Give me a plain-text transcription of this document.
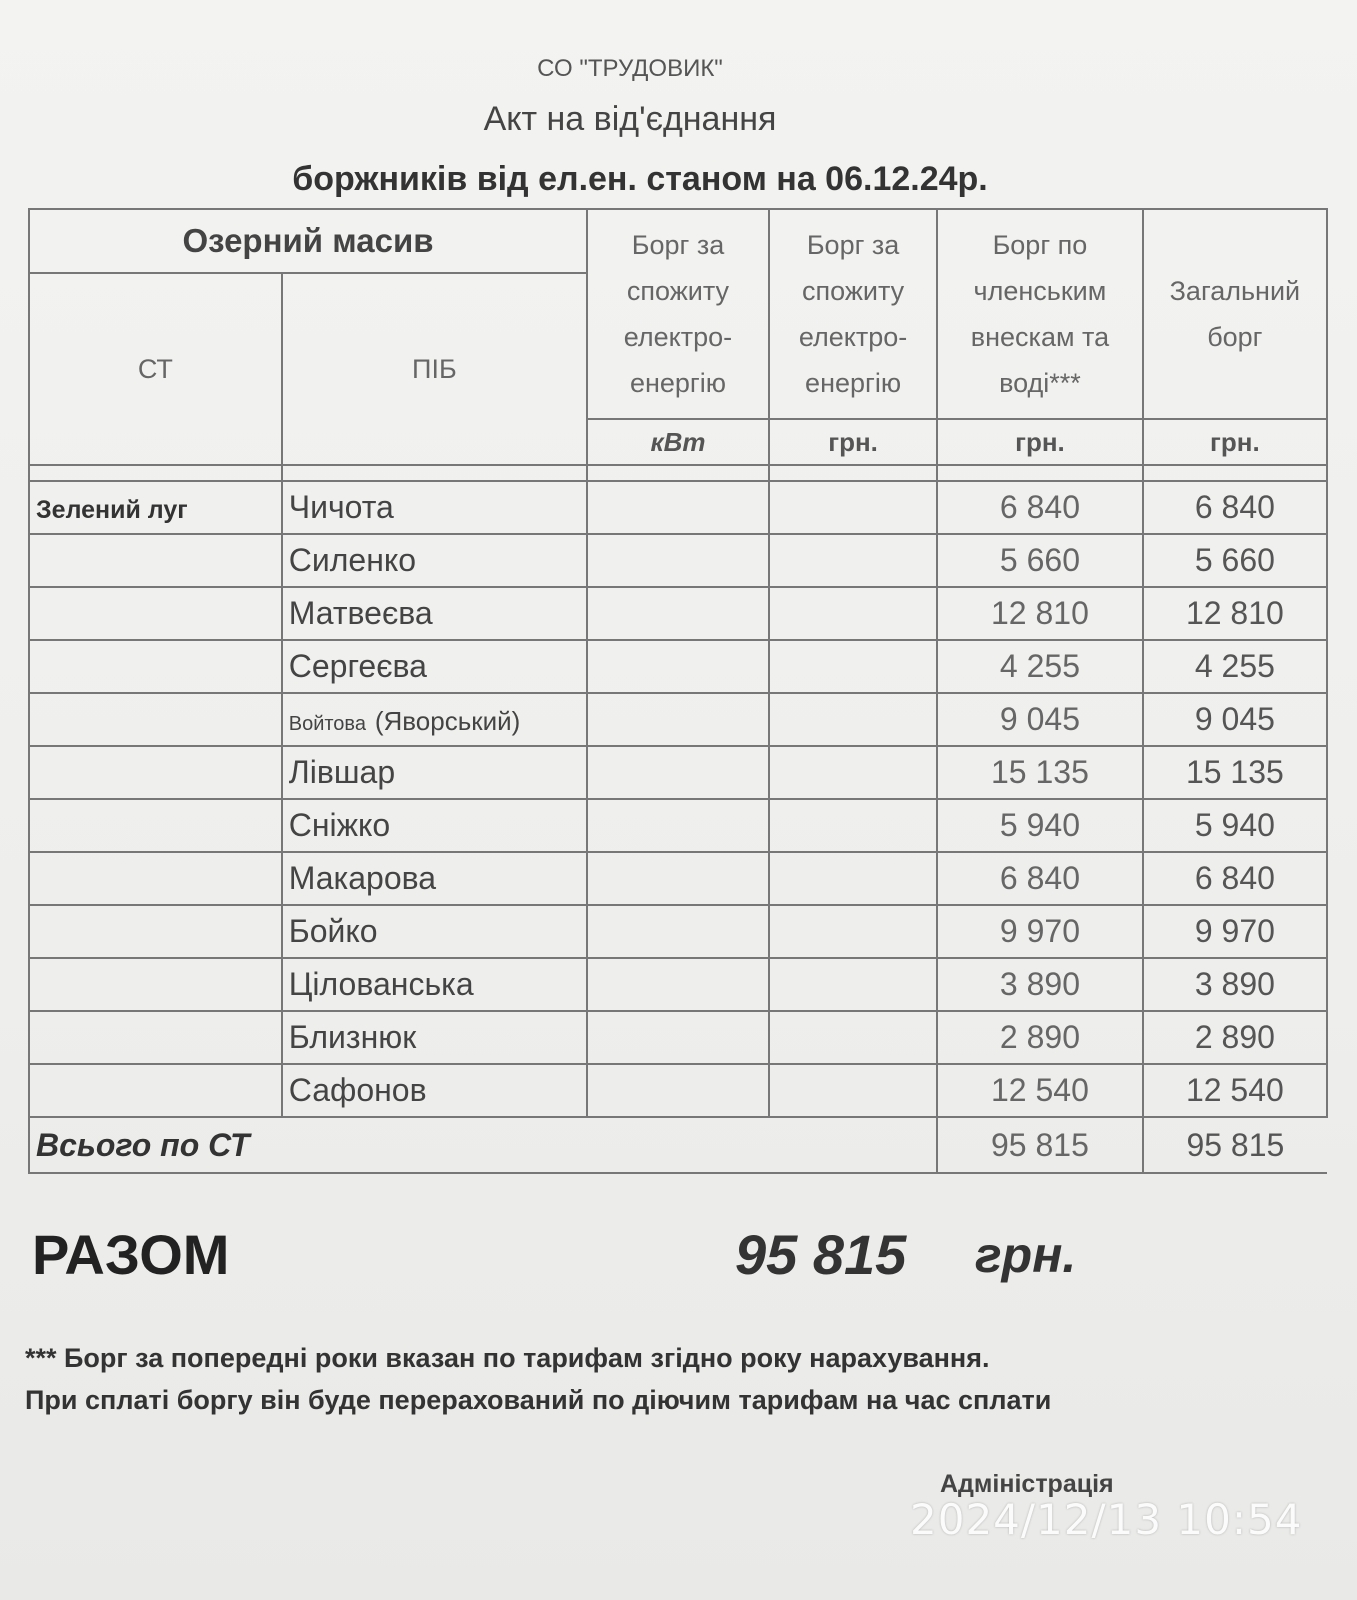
СО "ТРУДОВИК"
Акт на від'єднання
боржників від ел.ен. станом на 06.12.24р.
Озерний масив		Борг за спожиту електро-енергію	Борг за спожиту електро-енергію	Борг по членським внескам та воді***	Загальний борг
СТ	ПІБ				
		кВт	грн.	грн.	грн.

Зелений луг	Чичота			6 840	6 840
	Силенко			5 660	5 660
	Матвеєва			12 810	12 810
	Сергеєва			4 255	4 255
	Войтова (Яворський)			9 045	9 045
	Лівшар			15 135	15 135
	Сніжко			5 940	5 940
	Макарова			6 840	6 840
	Бойко			9 970	9 970
	Цілованська			3 890	3 890
	Близнюк			2 890	2 890
	Сафонов			12 540	12 540
Всього по СТ				95 815	95 815
РАЗОМ	95 815 грн.
*** Борг за попередні роки вказан по тарифам згідно року нарахування.
При сплаті боргу він буде перерахований по діючим тарифам на час сплати
Адміністрація
2024/12/13 10:54
